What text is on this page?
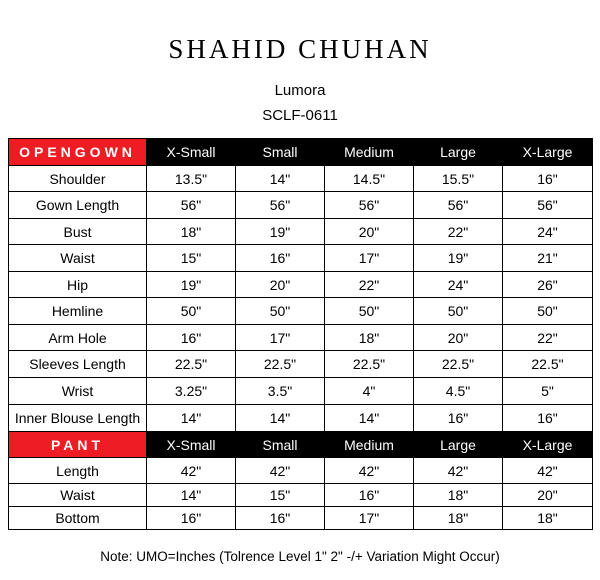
SHAHID CHUHAN
Lumora
SCLF-0611
OPENGOWN	X-Small	Small	Medium	Large	X-Large
Shoulder	13.5"	14"	14.5"	15.5"	16"
Gown Length	56"	56"	56"	56"	56"
Bust	18"	19"	20"	22"	24"
Waist	15"	16"	17"	19"	21"
Hip	19"	20"	22"	24"	26"
Hemline	50"	50"	50"	50"	50"
Arm Hole	16"	17"	18"	20"	22"
Sleeves Length	22.5"	22.5"	22.5"	22.5"	22.5"
Wrist	3.25"	3.5"	4"	4.5"	5"
Inner Blouse Length	14"	14"	14"	16"	16"
PANT	X-Small	Small	Medium	Large	X-Large
Length	42"	42"	42"	42"	42"
Waist	14"	15"	16"	18"	20"
Bottom	16"	16"	17"	18"	18"
Note: UMO=Inches (Tolrence Level 1" 2" -/+ Variation Might Occur)
